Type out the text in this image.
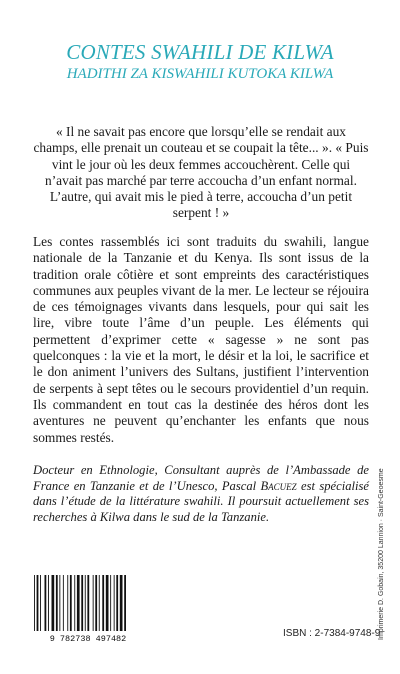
CONTES SWAHILI DE KILWA
HADITHI ZA KISWAHILI KUTOKA KILWA

« Il ne savait pas encore que lorsqu’elle se rendait aux champs, elle prenait un couteau et se coupait la tête... ». « Puis vint le jour où les deux femmes accouchèrent. Celle qui n’avait pas marché par terre accoucha d’un enfant normal. L’autre, qui avait mis le pied à terre, accoucha d’un petit serpent ! »

Les contes rassemblés ici sont traduits du swahili, langue nationale de la Tanzanie et du Kenya. Ils sont issus de la tradition orale côtière et sont empreints des caractéristiques communes aux peuples vivant de la mer. Le lecteur se réjouira de ces témoignages vivants dans lesquels, pour qui sait les lire, vibre toute l’âme d’un peuple. Les éléments qui permettent d’exprimer cette « sagesse » ne sont pas quelconques : la vie et la mort, le désir et la loi, le sacrifice et le don animent l’univers des Sultans, justifient l’intervention de serpents à sept têtes ou le secours providentiel d’un requin. Ils commandent en tout cas la destinée des héros dont les aventures ne peuvent qu’enchanter les enfants que nous sommes restés.

Docteur en Ethnologie, Consultant auprès de l’Ambassade de France en Tanzanie et de l’Unesco, Pascal Bacuez est spécialisé dans l’étude de la littérature swahili. Il poursuit actuellement ses recherches à Kilwa dans le sud de la Tanzanie.

9 782738 497482	ISBN : 2-7384-9748-9
Imprimerie D. Gobain, 35200 Lannion · Saint-Geoesme
